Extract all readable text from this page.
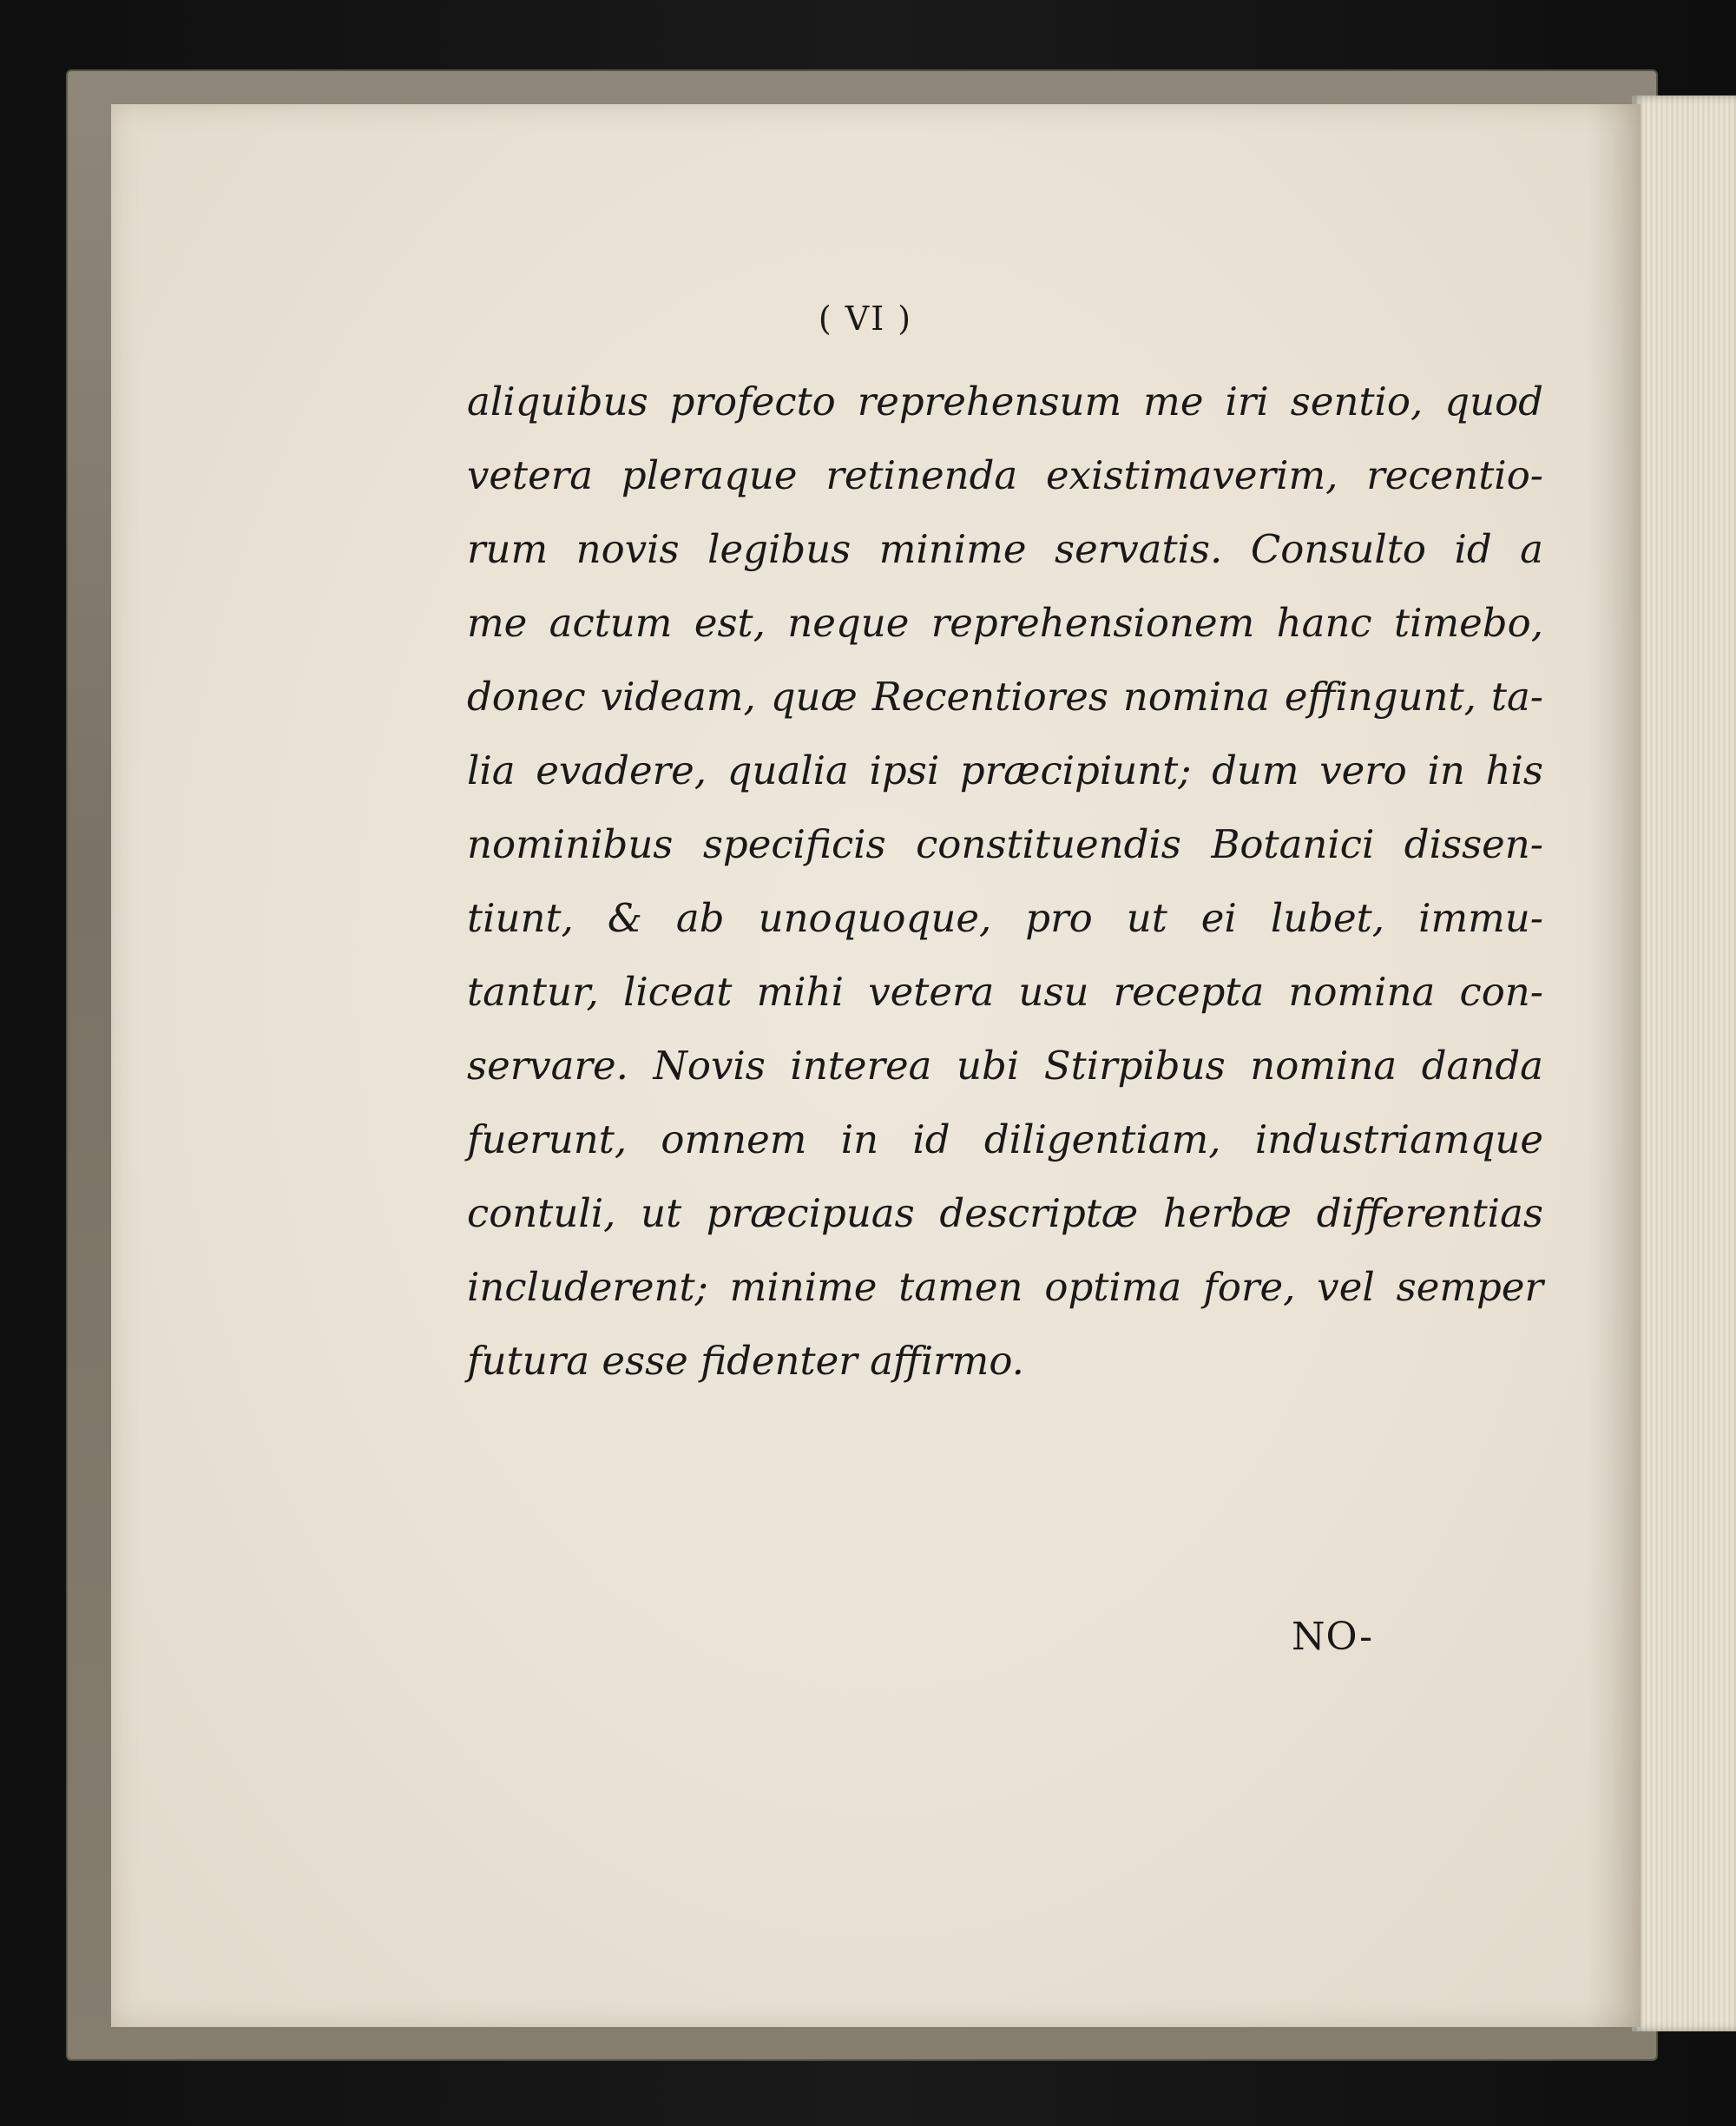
( VI )
aliquibus profecto reprehensum me iri sentio, quod
vetera pleraque retinenda existimaverim, recentio-
rum novis legibus minime servatis. Consulto id a
me actum est, neque reprehensionem hanc timebo,
donec videam, quæ Recentiores nomina effingunt, ta-
lia evadere, qualia ipsi præcipiunt; dum vero in his
nominibus specificis constituendis Botanici dissen-
tiunt, & ab unoquoque, pro ut ei lubet, immu-
tantur, liceat mihi vetera usu recepta nomina con-
servare. Novis interea ubi Stirpibus nomina danda
fuerunt, omnem in id diligentiam, industriamque
contuli, ut præcipuas descriptæ herbæ differentias
includerent; minime tamen optima fore, vel semper
futura esse fidenter affirmo.
NO-
